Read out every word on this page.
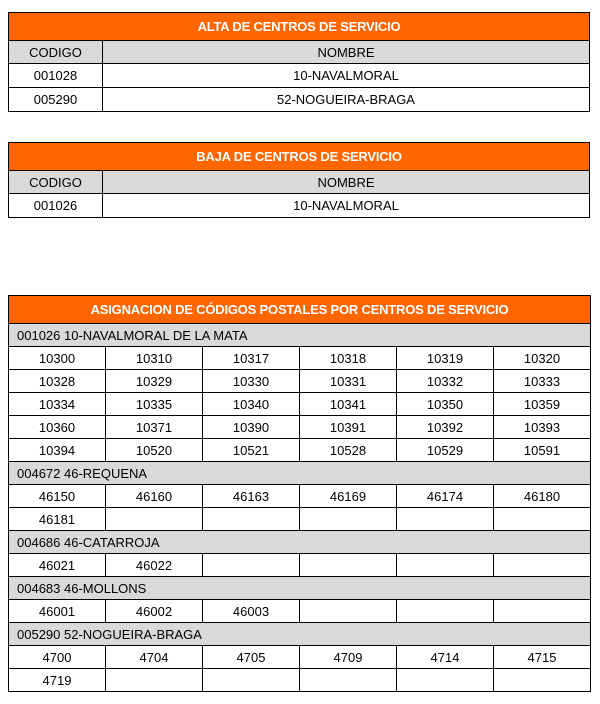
ALTA DE CENTROS DE SERVICIO	
CODIGO	NOMBRE
001028	10-NAVALMORAL
005290	52-NOGUEIRA-BRAGA
BAJA DE CENTROS DE SERVICIO	
CODIGO	NOMBRE
001026	10-NAVALMORAL
ASIGNACION DE CÓDIGOS POSTALES POR CENTROS DE SERVICIO					
001026 10-NAVALMORAL DE LA MATA					
10300	10310	10317	10318	10319	10320
10328	10329	10330	10331	10332	10333
10334	10335	10340	10341	10350	10359
10360	10371	10390	10391	10392	10393
10394	10520	10521	10528	10529	10591
004672 46-REQUENA					
46150	46160	46163	46169	46174	46180
46181					
004686 46-CATARROJA					
46021	46022				
004683 46-MOLLONS					
46001	46002	46003			
005290 52-NOGUEIRA-BRAGA					
4700	4704	4705	4709	4714	4715
4719					
